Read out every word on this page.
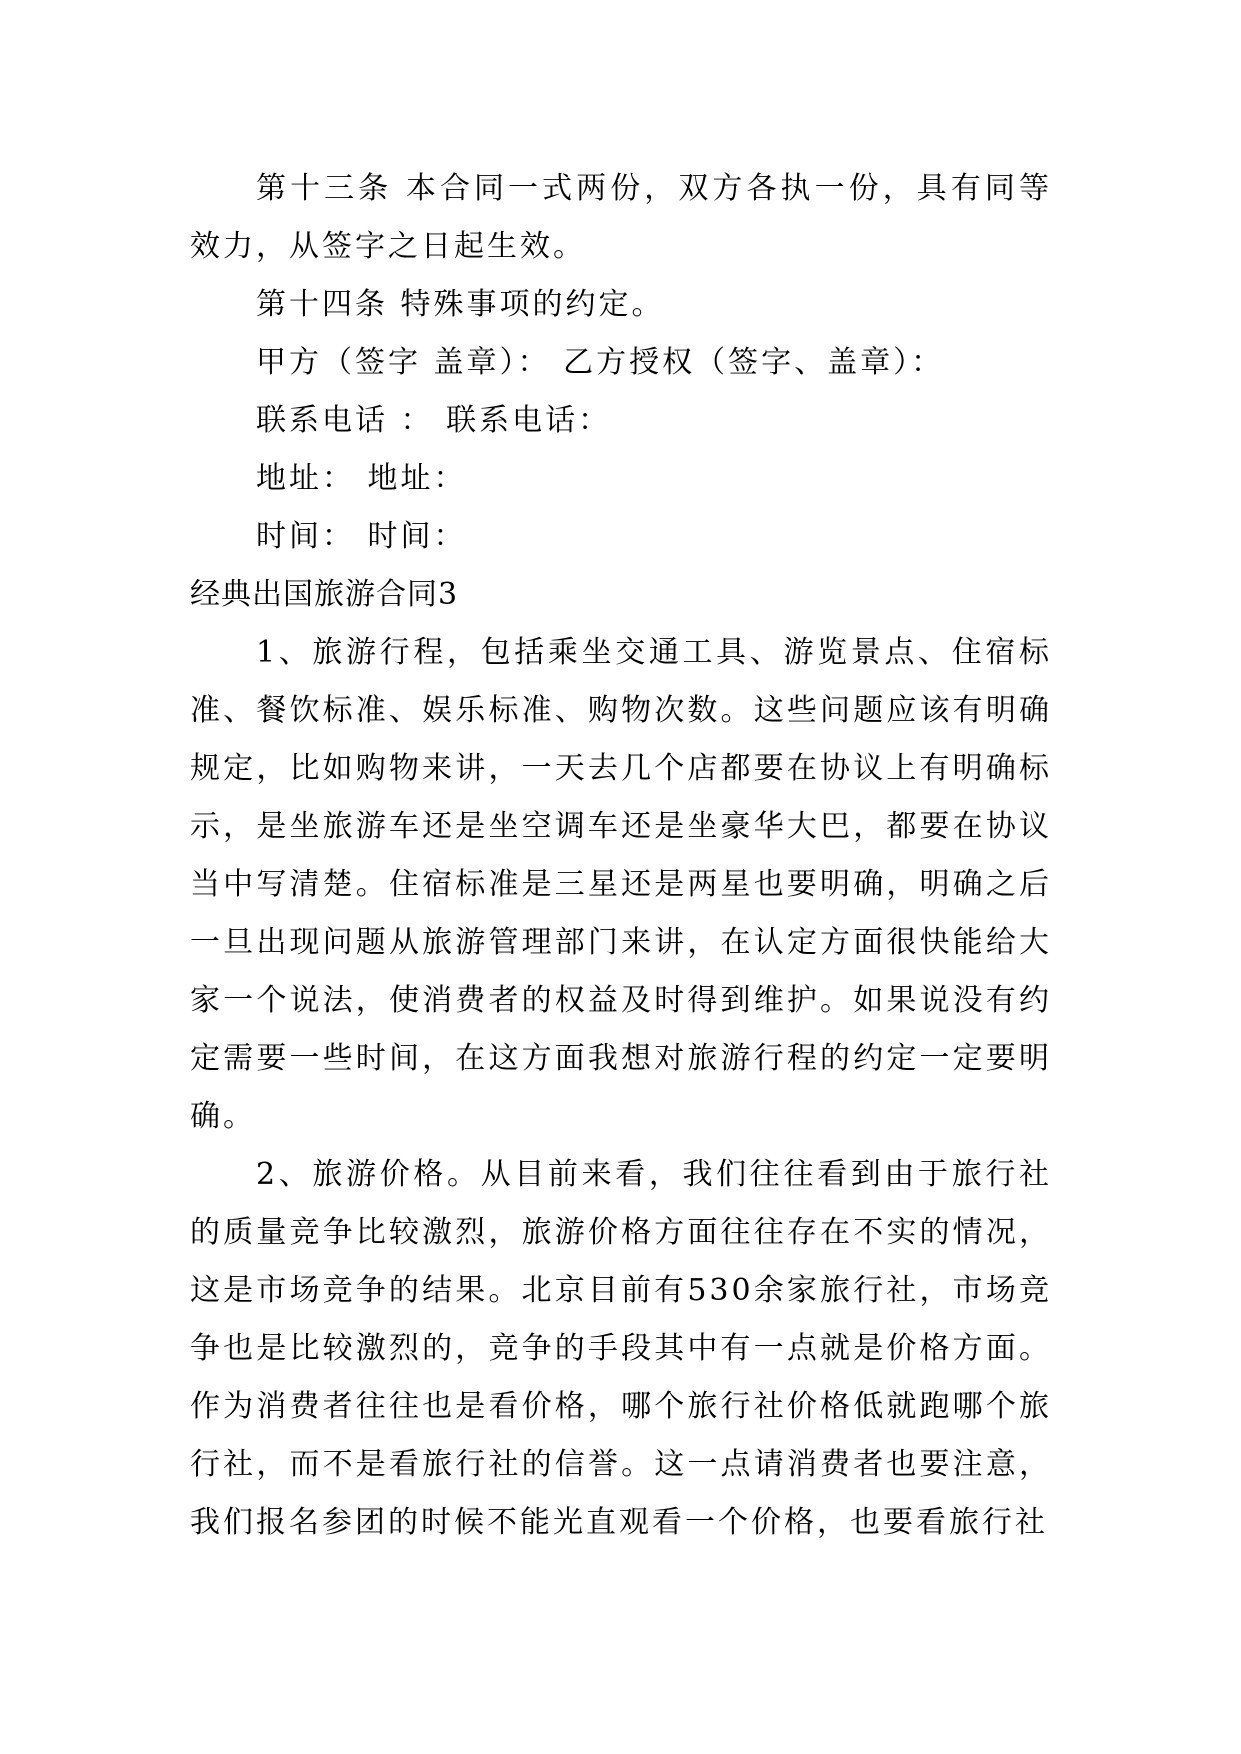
第十三条 本合同一式两份，双方各执一份，具有同等效力，从签字之日起生效。

第十四条 特殊事项的约定。

甲方（签字 盖章）： 乙方授权（签字、盖章）：

联系电话 ： 联系电话：

地址： 地址：

时间： 时间：

经典出国旅游合同3

1、旅游行程，包括乘坐交通工具、游览景点、住宿标准、餐饮标准、娱乐标准、购物次数。这些问题应该有明确规定，比如购物来讲，一天去几个店都要在协议上有明确标示，是坐旅游车还是坐空调车还是坐豪华大巴，都要在协议当中写清楚。住宿标准是三星还是两星也要明确，明确之后一旦出现问题从旅游管理部门来讲，在认定方面很快能给大家一个说法，使消费者的权益及时得到维护。如果说没有约定需要一些时间，在这方面我想对旅游行程的约定一定要明确。

2、旅游价格。从目前来看，我们往往看到由于旅行社的质量竞争比较激烈，旅游价格方面往往存在不实的情况，这是市场竞争的结果。北京目前有530余家旅行社，市场竞争也是比较激烈的，竞争的手段其中有一点就是价格方面。作为消费者往往也是看价格，哪个旅行社价格低就跑哪个旅行社，而不是看旅行社的信誉。这一点请消费者也要注意，我们报名参团的时候不能光直观看一个价格，也要看旅行社
